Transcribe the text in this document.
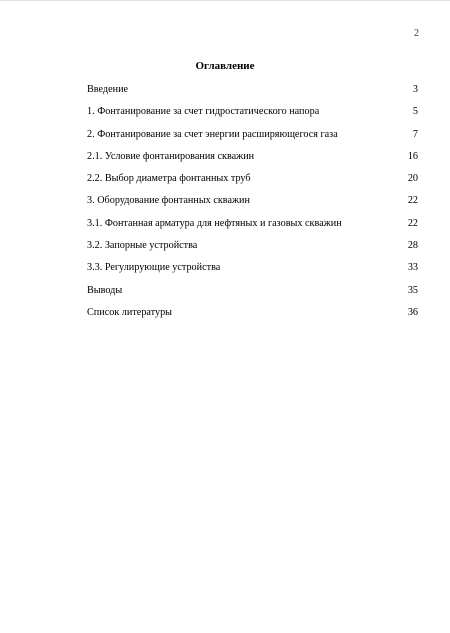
2
Оглавление
Введение	3
1. Фонтанирование за счет гидростатического напора	5
2. Фонтанирование за счет энергии расширяющегося газа	7
2.1. Условие фонтанирования скважин	16
2.2. Выбор диаметра фонтанных труб	20
3. Оборудование фонтанных скважин	22
3.1. Фонтанная арматура для нефтяных и газовых скважин	22
3.2. Запорные устройства	28
3.3. Регулирующие устройства	33
Выводы	35
Список литературы	36
